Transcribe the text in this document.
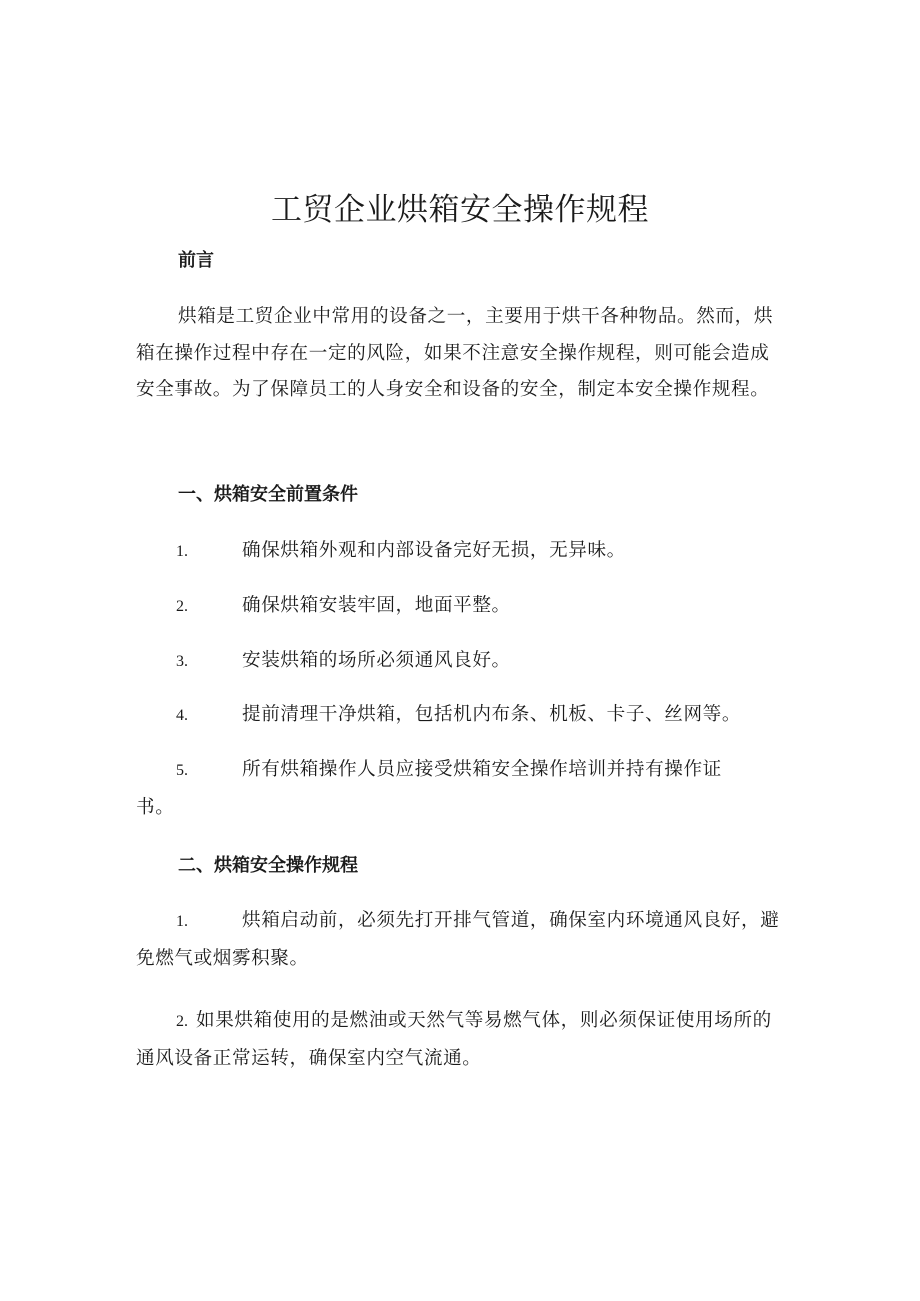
工贸企业烘箱安全操作规程
前言

烘箱是工贸企业中常用的设备之一，主要用于烘干各种物品。然而，烘箱在操作过程中存在一定的风险，如果不注意安全操作规程，则可能会造成安全事故。为了保障员工的人身安全和设备的安全，制定本安全操作规程。

一、烘箱安全前置条件

1.	确保烘箱外观和内部设备完好无损，无异味。

2.	确保烘箱安装牢固，地面平整。

3.	安装烘箱的场所必须通风良好。

4.	提前清理干净烘箱，包括机内布条、机板、卡子、丝网等。

5.	所有烘箱操作人员应接受烘箱安全操作培训并持有操作证书。

二、烘箱安全操作规程

1.	烘箱启动前，必须先打开排气管道，确保室内环境通风良好，避免燃气或烟雾积聚。

2. 如果烘箱使用的是燃油或天然气等易燃气体，则必须保证使用场所的通风设备正常运转，确保室内空气流通。
